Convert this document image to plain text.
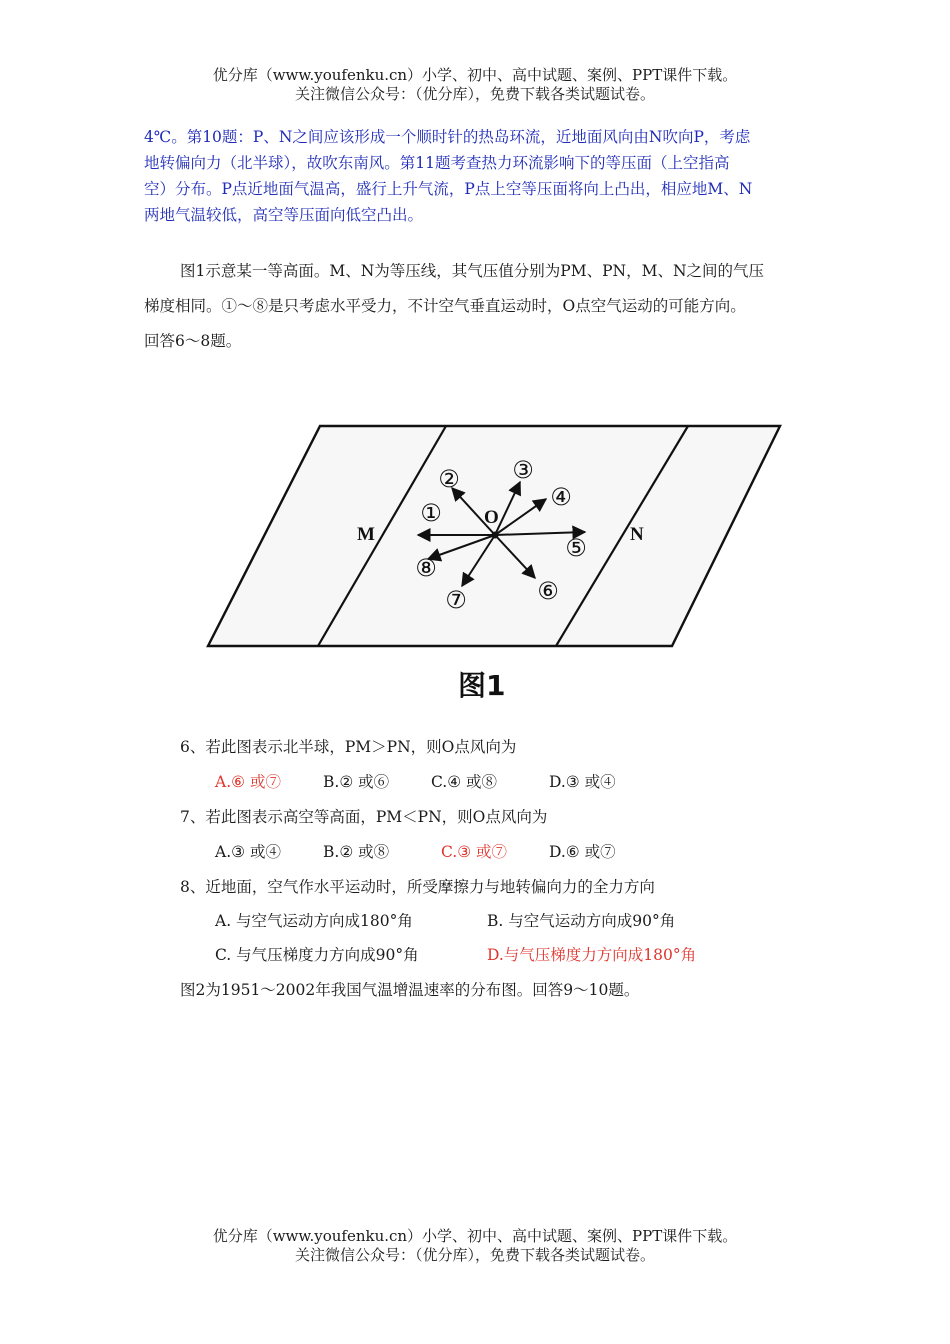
优分库（www.youfenku.cn）小学、初中、高中试题、案例、PPT课件下载。
关注微信公众号：（优分库），免费下载各类试题试卷。
4℃。第10题：P、N之间应该形成一个顺时针的热岛环流，近地面风向由N吹向P，考虑
地转偏向力（北半球），故吹东南风。第11题考查热力环流影响下的等压面（上空指高
空）分布。P点近地面气温高，盛行上升气流，P点上空等压面将向上凸出，相应地M、N
两地气温较低，高空等压面向低空凸出。
图1示意某一等高面。M、N为等压线，其气压值分别为PM、PN，M、N之间的气压
梯度相同。①～⑧是只考虑水平受力，不计空气垂直运动时，O点空气运动的可能方向。
回答6～8题。
M	N
O
①
② ③
④
⑤
⑥
⑦
⑧
图1
6、若此图表示北半球，PM＞PN，则O点风向为
A.⑥ 或⑦	B.② 或⑥	C.④ 或⑧	D.③ 或④
7、若此图表示高空等高面，PM＜PN，则O点风向为
A.③ 或④	B.② 或⑧	C.③ 或⑦	D.⑥ 或⑦
8、近地面，空气作水平运动时，所受摩擦力与地转偏向力的全力方向
A. 与空气运动方向成180°角	B. 与空气运动方向成90°角
C. 与气压梯度力方向成90°角	D.与气压梯度力方向成180°角
图2为1951～2002年我国气温增温速率的分布图。回答9～10题。
优分库（www.youfenku.cn）小学、初中、高中试题、案例、PPT课件下载。
关注微信公众号：（优分库），免费下载各类试题试卷。
